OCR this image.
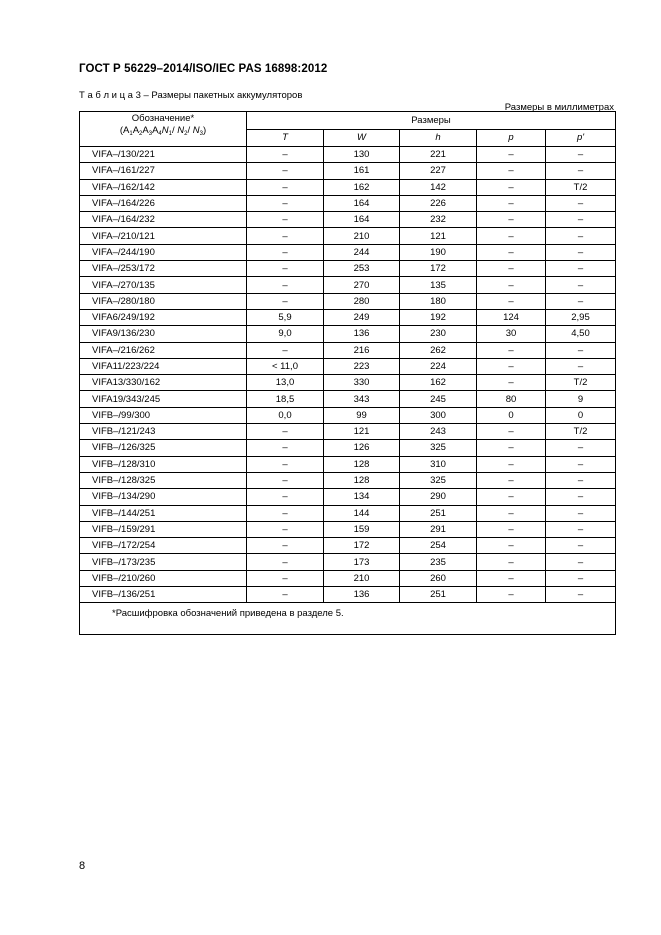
ГОСТ Р 56229–2014/ISO/IEC PAS 16898:2012
Т а б л и ц а 3 – Размеры пакетных аккумуляторов
Размеры в миллиметрах
Обозначение*
($A_1A_2A_3A_4N_1/$ $N_2/$ $N_3$)	Размеры				
	T	W	h	p	p'
VIFA–/130/221	–	130	221	–	–
VIFA–/161/227	–	161	227	–	–
VIFA–/162/142	–	162	142	–	T/2
VIFA–/164/226	–	164	226	–	–
VIFA–/164/232	–	164	232	–	–
VIFA–/210/121	–	210	121	–	–
VIFA–/244/190	–	244	190	–	–
VIFA–/253/172	–	253	172	–	–
VIFA–/270/135	–	270	135	–	–
VIFA–/280/180	–	280	180	–	–
VIFA6/249/192	5,9	249	192	124	2,95
VIFA9/136/230	9,0	136	230	30	4,50
VIFA–/216/262	–	216	262	–	–
VIFA11/223/224	< 11,0	223	224	–	–
VIFA13/330/162	13,0	330	162	–	T/2
VIFA19/343/245	18,5	343	245	80	9
VIFB–/99/300	0,0	99	300	0	0
VIFB–/121/243	–	121	243	–	T/2
VIFB–/126/325	–	126	325	–	–
VIFB–/128/310	–	128	310	–	–
VIFB–/128/325	–	128	325	–	–
VIFB–/134/290	–	134	290	–	–
VIFB–/144/251	–	144	251	–	–
VIFB–/159/291	–	159	291	–	–
VIFB–/172/254	–	172	254	–	–
VIFB–/173/235	–	173	235	–	–
VIFB–/210/260	–	210	260	–	–
VIFB–/136/251	–	136	251	–	–
*Расшифровка обозначений приведена в разделе 5.					
8
